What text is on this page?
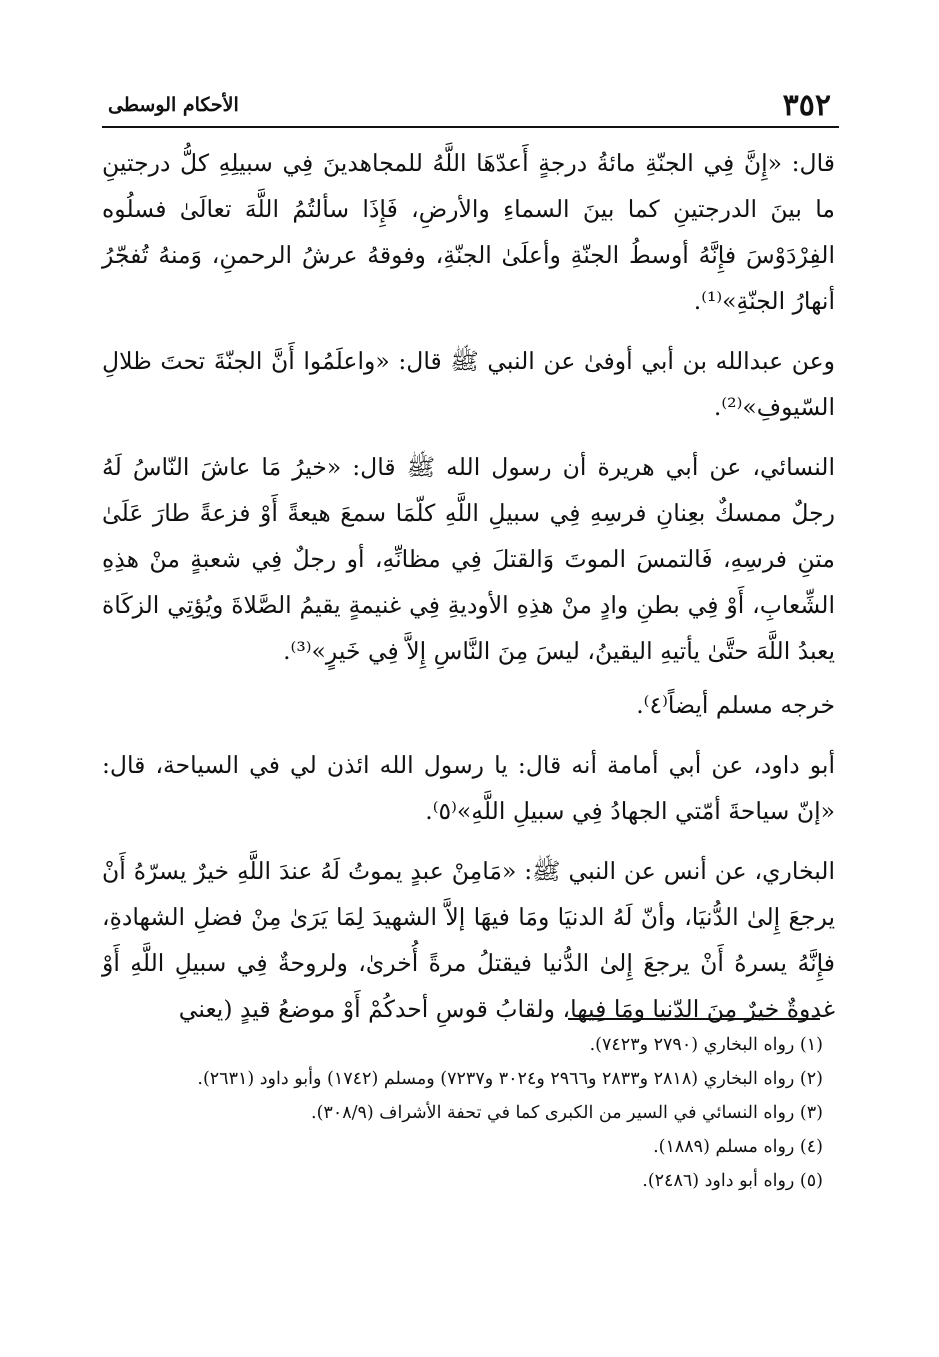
٣٥٢
الأحكام الوسطى

قال: «إِنَّ فِي الجنّةِ مائةُ درجةٍ أَعدّهَا اللَّهُ للمجاهدينَ فِي سبيلِهِ كلُّ درجتينِ ما بينَ الدرجتينِ كما بينَ السماءِ والأرضِ، فَإِذَا سألتُمُ اللَّهَ تعالَىٰ فسلُوه الفِرْدَوْسَ فإِنَّهُ أوسطُ الجنّةِ وأعلَىٰ الجنّةِ، وفوقهُ عرشُ الرحمنِ، وَمنهُ تُفجّرُ أنهارُ الجنّةِ»⁽¹⁾.

وعن عبدالله بن أبي أوفىٰ عن النبي ﷺ قال: «واعلَمُوا أَنَّ الجنّةَ تحتَ ظلالِ السّيوفِ»⁽²⁾.

النسائي، عن أبي هريرة أن رسول الله ﷺ قال: «خيرُ مَا عاشَ النّاسُ لَهُ رجلٌ ممسكٌ بعِنانِ فرسِهِ فِي سبيلِ اللَّهِ كلّمَا سمعَ هيعةً أَوْ فزعةً طارَ عَلَىٰ متنِ فرسِهِ، فَالتمسَ الموتَ وَالقتلَ فِي مظانِّهِ، أو رجلٌ فِي شعبةٍ منْ هذِهِ الشِّعابِ، أَوْ فِي بطنِ وادٍ منْ هذِهِ الأوديةِ فِي غنيمةٍ يقيمُ الصَّلاةَ ويُؤتِي الزكَاة يعبدُ اللَّهَ حتَّىٰ يأتيهِ اليقينُ، ليسَ مِنَ النَّاسِ إِلاَّ فِي خَيرٍ»⁽³⁾.

خرجه مسلم أيضاً⁽٤⁾.

أبو داود، عن أبي أمامة أنه قال: يا رسول الله ائذن لي في السياحة، قال: «إنّ سياحةَ أمّتي الجهادُ فِي سبيلِ اللَّهِ»⁽٥⁾.

البخاري، عن أنس عن النبي ﷺ: «مَامِنْ عبدٍ يموتُ لَهُ عندَ اللَّهِ خيرٌ يسرّهُ أَنْ يرجعَ إِلىٰ الدُّنيَا، وأنّ لَهُ الدنيَا ومَا فيهَا إلاَّ الشهيدَ لِمَا يَرَىٰ مِنْ فضلِ الشهادةِ، فإِنَّهُ يسرهُ أَنْ يرجعَ إِلىٰ الدُّنيا فيقتلُ مرةً أُخرىٰ، ولروحةٌ فِي سبيلِ اللَّهِ أَوْ غدوةٌ خيرٌ مِنَ الدّنيا ومَا فِيها، ولقابُ قوسِ أحدكُمْ أَوْ موضعُ قيدٍ (يعني

(١) رواه البخاري (٢٧٩٠ و٧٤٢٣).

(٢) رواه البخاري (٢٨١٨ و٢٨٣٣ و٢٩٦٦ و٣٠٢٤ و٧٢٣٧) ومسلم (١٧٤٢) وأبو داود (٢٦٣١).

(٣) رواه النسائي في السير من الكبرى كما في تحفة الأشراف (٣٠٨/٩).

(٤) رواه مسلم (١٨٨٩).

(٥) رواه أبو داود (٢٤٨٦).
